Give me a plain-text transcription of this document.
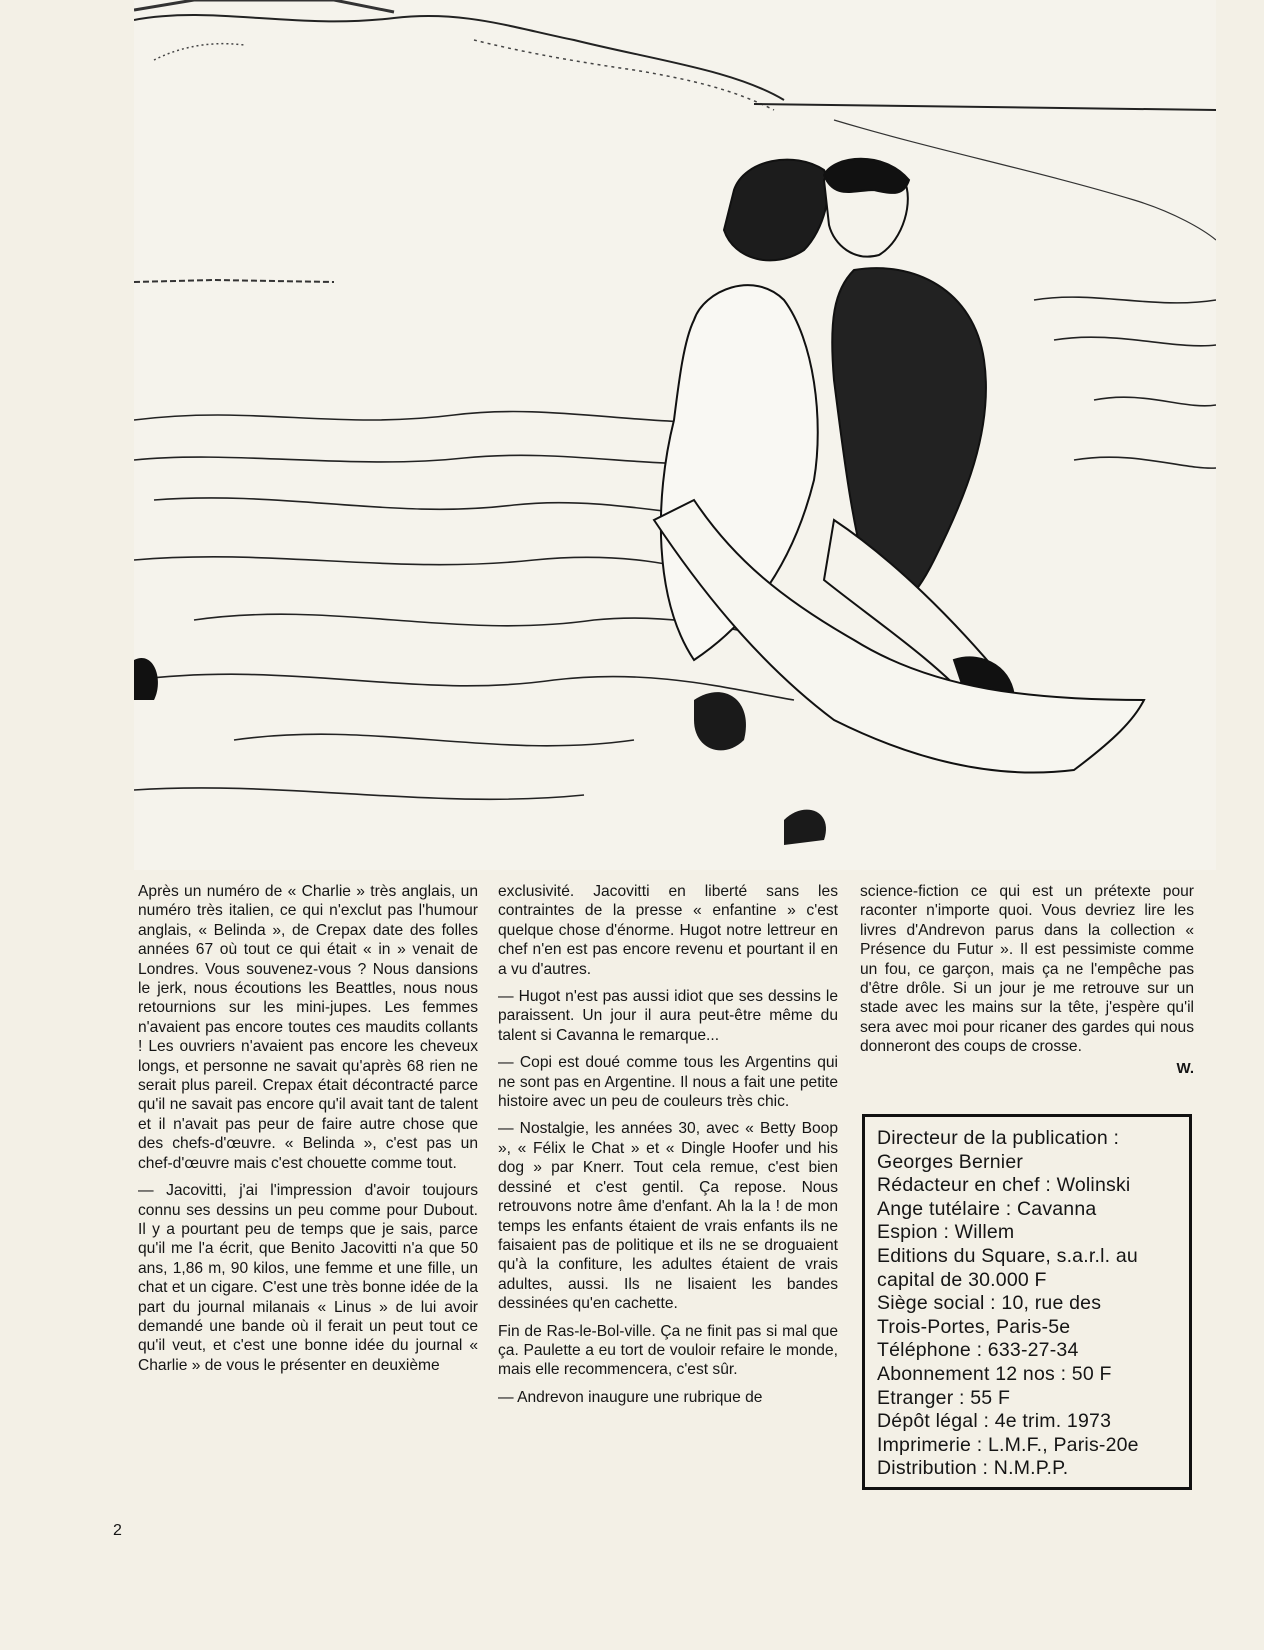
Après un numéro de « Charlie » très anglais, un numéro très italien, ce qui n'exclut pas l'humour anglais, « Belinda », de Crepax date des folles années 67 où tout ce qui était « in » venait de Londres. Vous souvenez-vous ? Nous dansions le jerk, nous écoutions les Beattles, nous nous retournions sur les mini-jupes. Les femmes n'avaient pas encore toutes ces maudits collants ! Les ouvriers n'avaient pas encore les cheveux longs, et personne ne savait qu'après 68 rien ne serait plus pareil. Crepax était décontracté parce qu'il ne savait pas encore qu'il avait tant de talent et il n'avait pas peur de faire autre chose que des chefs-d'œuvre. « Belinda », c'est pas un chef-d'œuvre mais c'est chouette comme tout.

— Jacovitti, j'ai l'impression d'avoir toujours connu ses dessins un peu comme pour Dubout. Il y a pourtant peu de temps que je sais, parce qu'il me l'a écrit, que Benito Jacovitti n'a que 50 ans, 1,86 m, 90 kilos, une femme et une fille, un chat et un cigare. C'est une très bonne idée de la part du journal milanais « Linus » de lui avoir demandé une bande où il ferait un peut tout ce qu'il veut, et c'est une bonne idée du journal « Charlie » de vous le présenter en deuxième

exclusivité. Jacovitti en liberté sans les contraintes de la presse « enfantine » c'est quelque chose d'énorme. Hugot notre lettreur en chef n'en est pas encore revenu et pourtant il en a vu d'autres.

— Hugot n'est pas aussi idiot que ses dessins le paraissent. Un jour il aura peut-être même du talent si Cavanna le remarque...

— Copi est doué comme tous les Argentins qui ne sont pas en Argentine. Il nous a fait une petite histoire avec un peu de couleurs très chic.

— Nostalgie, les années 30, avec « Betty Boop », « Félix le Chat » et « Dingle Hoofer und his dog » par Knerr. Tout cela remue, c'est bien dessiné et c'est gentil. Ça repose. Nous retrouvons notre âme d'enfant. Ah la la ! de mon temps les enfants étaient de vrais enfants ils ne faisaient pas de politique et ils ne se droguaient qu'à la confiture, les adultes étaient de vrais adultes, aussi. Ils ne lisaient les bandes dessinées qu'en cachette.

Fin de Ras-le-Bol-ville. Ça ne finit pas si mal que ça. Paulette a eu tort de vouloir refaire le monde, mais elle recommencera, c'est sûr.

— Andrevon inaugure une rubrique de

science-fiction ce qui est un prétexte pour raconter n'importe quoi. Vous devriez lire les livres d'Andrevon parus dans la collection « Présence du Futur ». Il est pessimiste comme un fou, ce garçon, mais ça ne l'empêche pas d'être drôle. Si un jour je me retrouve sur un stade avec les mains sur la tête, j'espère qu'il sera avec moi pour ricaner des gardes qui nous donneront des coups de crosse.

W.
Directeur de la publication :
Georges Bernier
Rédacteur en chef : Wolinski
Ange tutélaire : Cavanna
Espion : Willem
Editions du Square, s.a.r.l. au
capital de 30.000 F
Siège social : 10, rue des
Trois-Portes, Paris-5e
Téléphone : 633-27-34
Abonnement 12 nos : 50 F
Etranger : 55 F
Dépôt légal : 4e trim. 1973
Imprimerie : L.M.F., Paris-20e
Distribution : N.M.P.P.
2
